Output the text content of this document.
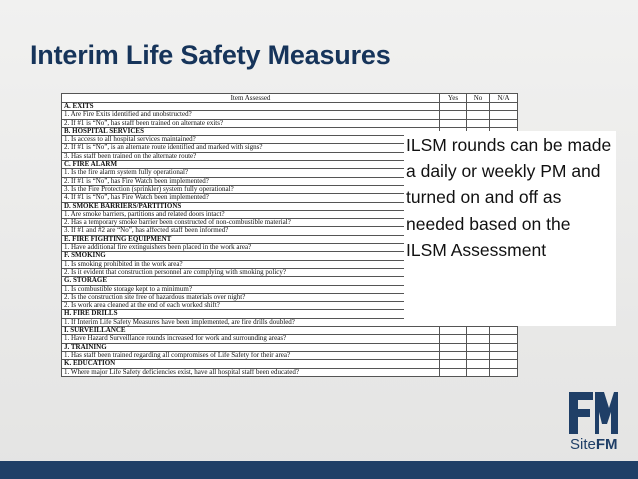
Interim Life Safety Measures
Item Assessed	Yes	No	N/A
A. EXITS			
1. Are Fire Exits identified and unobstructed?			
2. If #1 is “No”, has staff been trained on alternate exits?			
B. HOSPITAL SERVICES			
1. Is access to all hospital services maintained?			
2. If #1 is “No”, is an alternate route identified and marked with signs?			
3. Has staff been trained on the alternate route?			
C. FIRE ALARM			
1. Is the fire alarm system fully operational?			
2. If #1 is “No”, has Fire Watch been implemented?			
3. Is the Fire Protection (sprinkler) system fully operational?			
4. If #1 is “No”, has Fire Watch been implemented?			
D. SMOKE BARRIERS/PARTITIONS			
1. Are smoke barriers, partitions and related doors intact?			
2. Has a temporary smoke barrier been constructed of non-combustible material?			
3. If #1 and #2 are “No”, has affected staff been informed?			
E. FIRE FIGHTING EQUIPMENT			
1. Have additional fire extinguishers been placed in the work area?			
F. SMOKING			
1. Is smoking prohibited in the work area?			
2. Is it evident that construction personnel are complying with smoking policy?			
G. STORAGE			
1. Is combustible storage kept to a minimum?			
2. Is the construction site free of hazardous materials over night?			
2. Is work area cleaned at the end of each worked shift?			
H. FIRE DRILLS			
1. If Interim Life Safety Measures have been implemented, are fire drills doubled?			
I. SURVEILLANCE			
1. Have Hazard Surveillance rounds increased for work and surrounding areas?			
J. TRAINING			
1. Has staff been trained regarding all compromises of Life Safety for their area?			
K. EDUCATION			
1. Where major Life Safety deficiencies exist, have all hospital staff been educated?			
ILSM rounds can be made a daily or weekly PM and turned on and off as needed based on the ILSM Assessment
SiteFM
